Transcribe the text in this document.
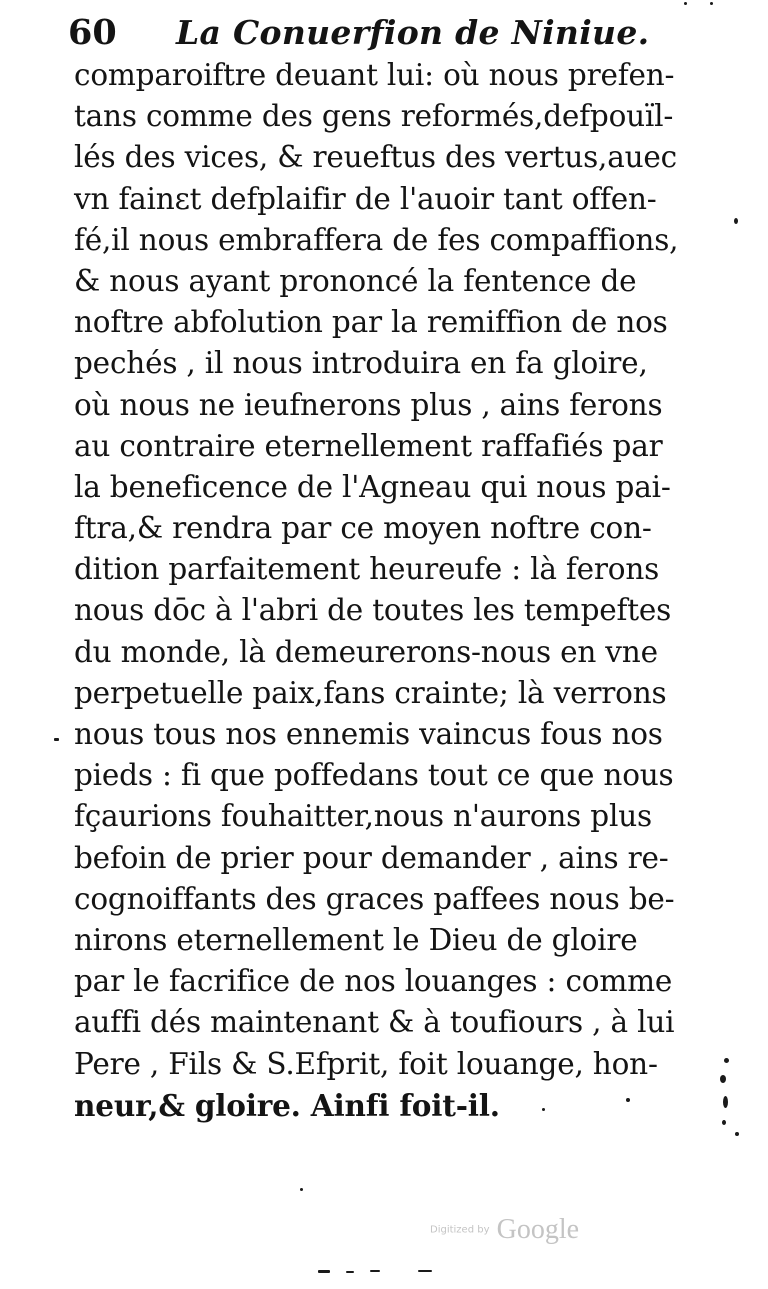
60 La Conuerfion de Niniue.
comparoiftre deuant lui: où nous prefen-
tans comme des gens reformés,defpouïl-
lés des vices, & reueftus des vertus,auec
vn fainɛt defplaifir de l'auoir tant offen-
fé,il nous embraffera de fes compaffions,
& nous ayant prononcé la fentence de
noftre abfolution par la remiffion de nos
pechés , il nous introduira en fa gloire,
où nous ne ieufnerons plus , ains ferons
au contraire eternellement raffafiés par
la beneficence de l'Agneau qui nous pai-
ftra,& rendra par ce moyen noftre con-
dition parfaitement heureufe : là ferons
nous dōc à l'abri de toutes les tempeftes
du monde, là demeurerons-nous en vne
perpetuelle paix,fans crainte; là verrons
nous tous nos ennemis vaincus fous nos
pieds : fi que poffedans tout ce que nous
fçaurions fouhaitter,nous n'aurons plus
befoin de prier pour demander , ains re-
cognoiffants des graces paffees nous be-
nirons eternellement le Dieu de gloire
par le facrifice de nos louanges : comme
auffi dés maintenant & à toufiours , à lui
Pere , Fils & S.Efprit, foit louange, hon-
neur,& gloire. Ainfi foit-il.
Digitized by Google
